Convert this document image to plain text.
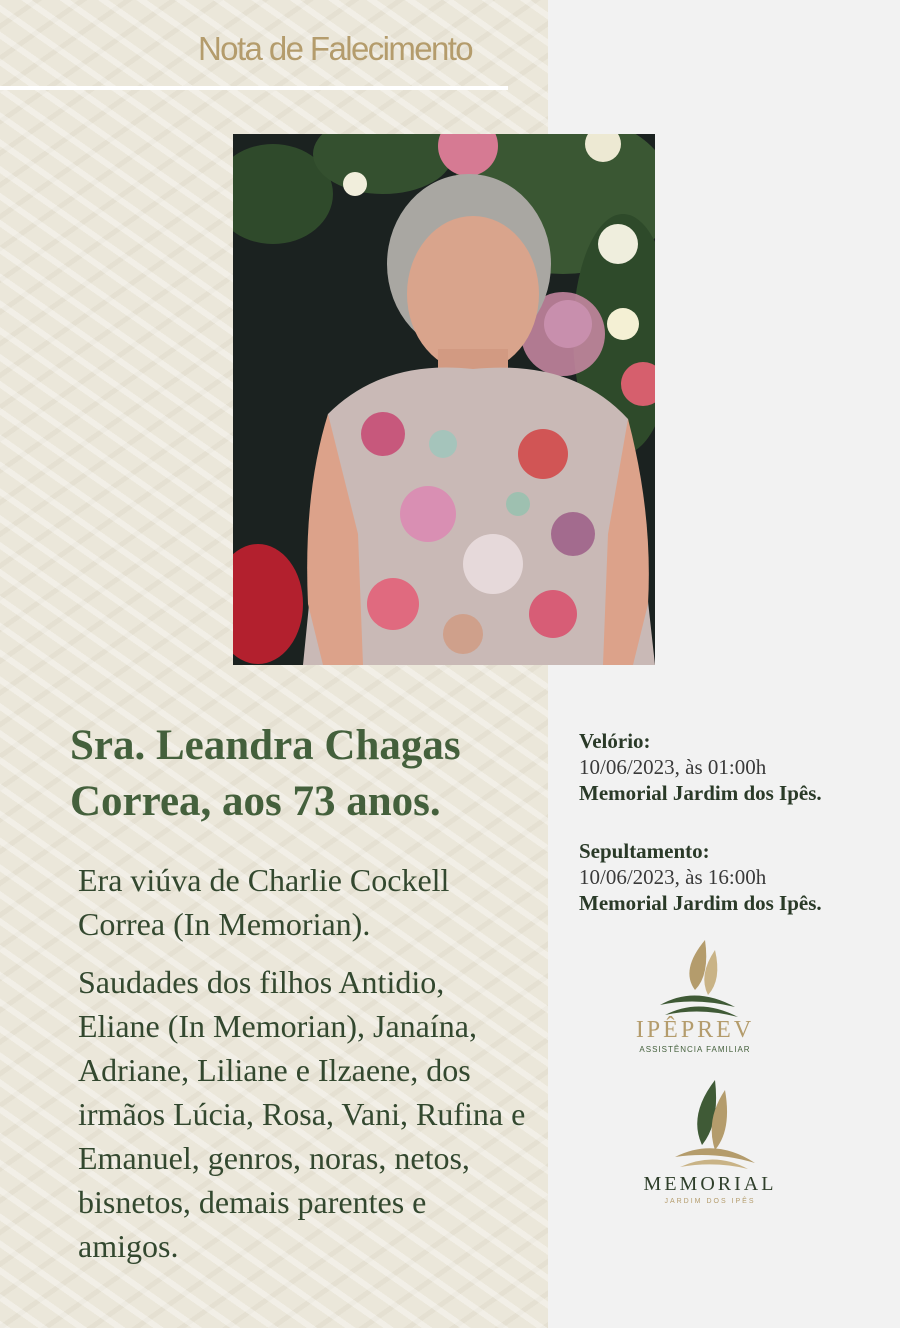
Nota de Falecimento
Sra. Leandra Chagas Correa, aos 73 anos.
Era viúva de Charlie Cockell Correa (In Memorian).
Saudades dos filhos Antidio, Eliane (In Memorian), Janaína, Adriane, Liliane e Ilzaene, dos irmãos Lúcia, Rosa, Vani, Rufina e Emanuel, genros, noras, netos, bisnetos, demais parentes e amigos.
Velório:
10/06/2023, às 01:00h
Memorial Jardim dos Ipês.
Sepultamento:
10/06/2023, às 16:00h
Memorial Jardim dos Ipês.
IPÊPREV
ASSISTÊNCIA FAMILIAR
MEMORIAL
JARDIM DOS IPÊS
